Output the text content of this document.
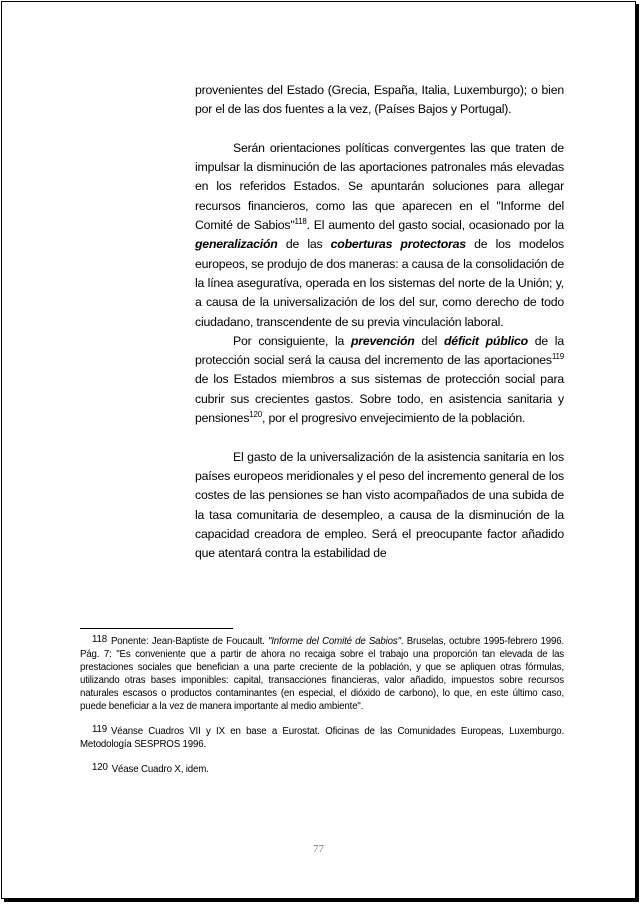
provenientes del Estado (Grecia, España, Italia, Luxemburgo); o bien por el de las dos fuentes a la vez, (Países Bajos y Portugal).

Serán orientaciones políticas convergentes las que traten de impulsar la disminución de las aportaciones patronales más elevadas en los referidos Estados. Se apuntarán soluciones para allegar recursos financieros, como las que aparecen en el "Informe del Comité de Sabios"$^{118}$. El aumento del gasto social, ocasionado por la generalización de las coberturas protectoras de los modelos europeos, se produjo de dos maneras: a causa de la consolidación de la línea aseguratíva, operada en los sistemas del norte de la Unión; y, a causa de la universalización de los del sur, como derecho de todo ciudadano, transcendente de su previa vinculación laboral.

Por consiguiente, la prevención del déficit público de la protección social será la causa del incremento de las aportaciones$^{119}$ de los Estados miembros a sus sistemas de protección social para cubrir sus crecientes gastos. Sobre todo, en asistencia sanitaria y pensiones$^{120}$, por el progresivo envejecimiento de la población.

El gasto de la universalización de la asistencia sanitaria en los países europeos meridionales y el peso del incremento general de los costes de las pensiones se han visto acompañados de una subida de la tasa comunitaria de desempleo, a causa de la disminución de la capacidad creadora de empleo. Será el preocupante factor añadido que atentará contra la estabilidad de

118 Ponente: Jean-Baptiste de Foucault. "Informe del Comité de Sabios". Bruselas, octubre 1995-febrero 1996. Pág. 7: "Es conveniente que a partir de ahora no recaiga sobre el trabajo una proporción tan elevada de las prestaciones sociales que benefician a una parte creciente de la población, y que se apliquen otras fórmulas, utilizando otras bases imponibles: capital, transacciones financieras, valor añadido, impuestos sobre recursos naturales escasos o productos contaminantes (en especial, el dióxido de carbono), lo que, en este último caso, puede beneficiar a la vez de manera importante al medio ambiente".

119 Véanse Cuadros VII y IX en base a Eurostat. Oficinas de las Comunidades Europeas, Luxemburgo. Metodología SESPROS 1996.

120 Véase Cuadro X, idem.

77
